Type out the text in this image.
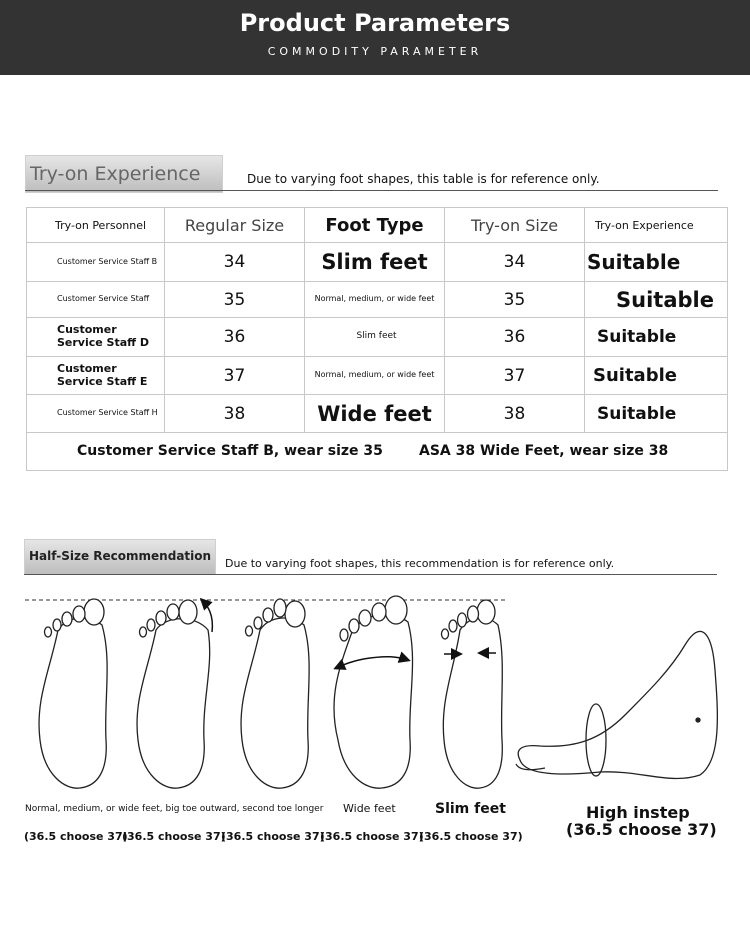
Product Parameters
COMMODITY PARAMETER
Try-on Experience	Due to varying foot shapes, this table is for reference only.
Try-on Personnel	Regular Size	Foot Type	Try-on Size	Try-on Experience
Customer Service Staff B	34	Slim feet	34	Suitable
Customer Service Staff	35	Normal, medium, or wide feet	35	Suitable
Customer Service Staff D	36	Slim feet	36	Suitable
Customer Service Staff E	37	Normal, medium, or wide feet	37	Suitable
Customer Service Staff H	38	Wide feet	38	Suitable

Customer Service Staff B, wear size 35 ASA 38 Wide Feet, wear size 38				
Half-Size Recommendation
Due to varying foot shapes, this recommendation is for reference only.
Normal, medium, or wide feet, big toe outward, second toe longer Wide feet	Slim feet	High instep
(36.5 choose 37)
(36.5 choose 37)
(36.5 choose 37)
(36.5 choose 37)
(36.5 choose 37)
(36.5 choose 37)
